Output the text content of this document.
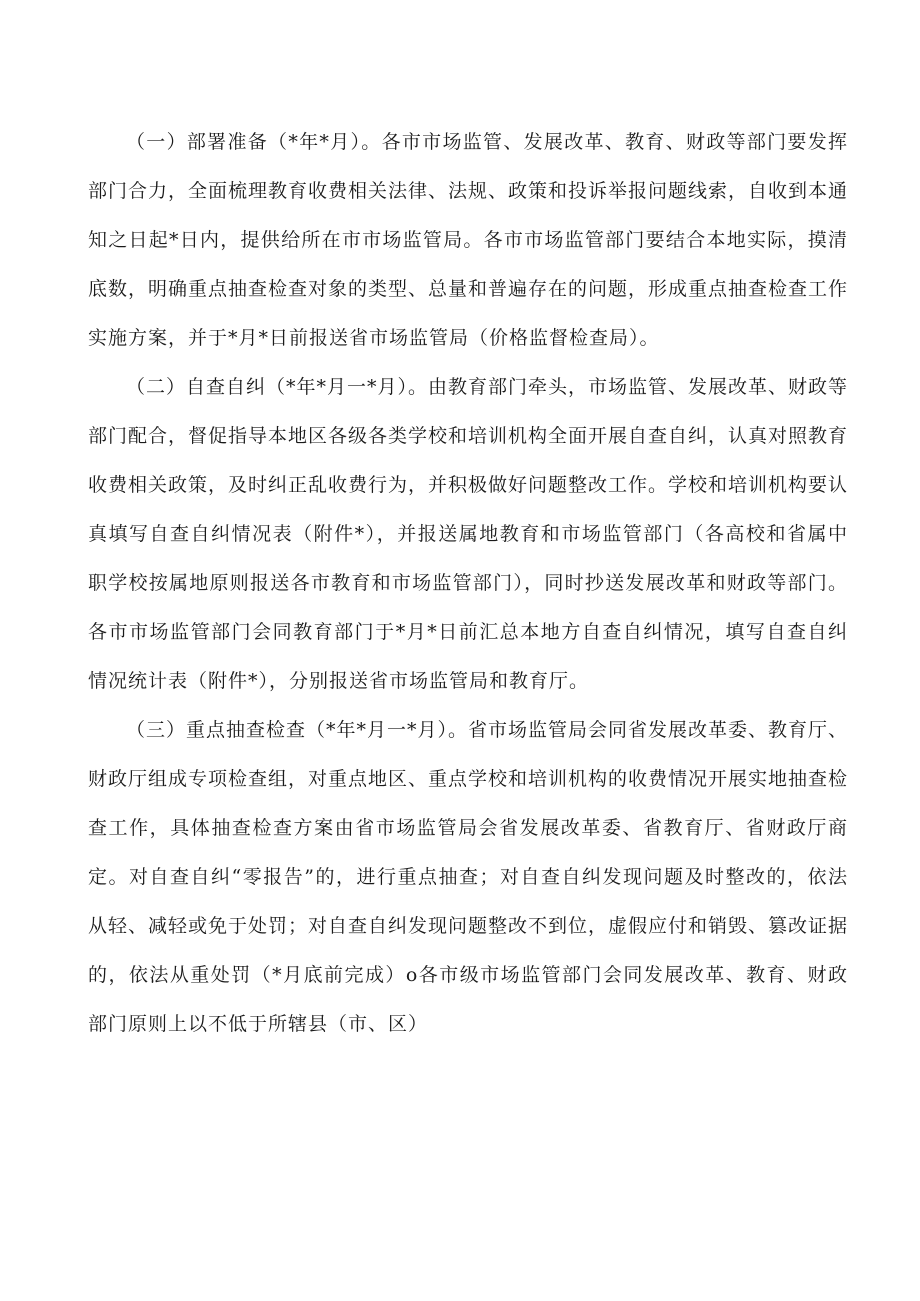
（一）部署准备（*年*月）。各市市场监管、发展改革、教育、财政等部门要发挥部门合力，全面梳理教育收费相关法律、法规、政策和投诉举报问题线索，自收到本通知之日起*日内，提供给所在市市场监管局。各市市场监管部门要结合本地实际，摸清底数，明确重点抽查检查对象的类型、总量和普遍存在的问题，形成重点抽查检查工作实施方案，并于*月*日前报送省市场监管局（价格监督检查局）。

（二）自查自纠（*年*月一*月）。由教育部门牵头，市场监管、发展改革、财政等部门配合，督促指导本地区各级各类学校和培训机构全面开展自查自纠，认真对照教育收费相关政策，及时纠正乱收费行为，并积极做好问题整改工作。学校和培训机构要认真填写自查自纠情况表（附件*），并报送属地教育和市场监管部门（各高校和省属中职学校按属地原则报送各市教育和市场监管部门），同时抄送发展改革和财政等部门。各市市场监管部门会同教育部门于*月*日前汇总本地方自查自纠情况，填写自查自纠情况统计表（附件*），分别报送省市场监管局和教育厅。

（三）重点抽查检查（*年*月一*月）。省市场监管局会同省发展改革委、教育厅、财政厅组成专项检查组，对重点地区、重点学校和培训机构的收费情况开展实地抽查检查工作，具体抽查检查方案由省市场监管局会省发展改革委、省教育厅、省财政厅商定。对自查自纠“零报告”的，进行重点抽查；对自查自纠发现问题及时整改的，依法从轻、减轻或免于处罚；对自查自纠发现问题整改不到位，虚假应付和销毁、篡改证据的，依法从重处罚（*月底前完成）o各市级市场监管部门会同发展改革、教育、财政部门原则上以不低于所辖县（市、区）
